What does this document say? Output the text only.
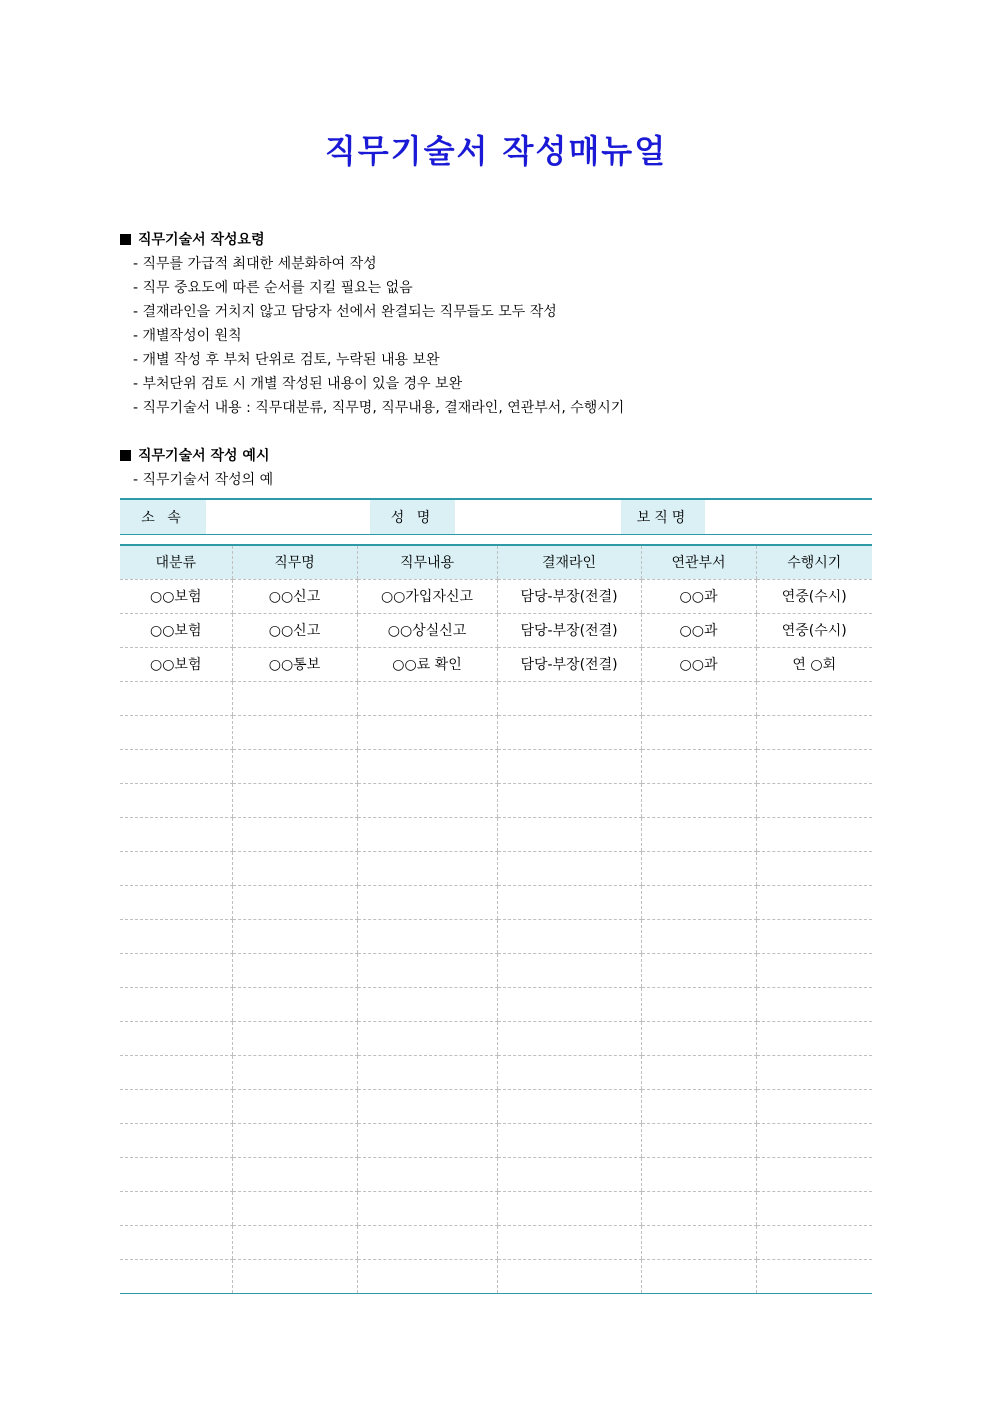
직무기술서 작성매뉴얼
직무기술서 작성요령
- 직무를 가급적 최대한 세분화하여 작성
- 직무 중요도에 따른 순서를 지킬 필요는 없음
- 결재라인을 거치지 않고 담당자 선에서 완결되는 직무들도 모두 작성
- 개별작성이 원칙
- 개별 작성 후 부처 단위로 검토, 누락된 내용 보완
- 부처단위 검토 시 개별 작성된 내용이 있을 경우 보완
- 직무기술서 내용 : 직무대분류, 직무명, 직무내용, 결재라인, 연관부서, 수행시기
직무기술서 작성 예시
- 직무기술서 작성의 예
소 속	성 명	보직명
대분류	직무명	직무내용	결재라인	연관부서	수행시기
○○보험	○○신고	○○가입자신고	담당-부장(전결)	○○과	연중(수시)
○○보험	○○신고	○○상실신고	담당-부장(전결)	○○과	연중(수시)
○○보험	○○통보	○○료 확인	담당-부장(전결)	○○과	연 ○회
